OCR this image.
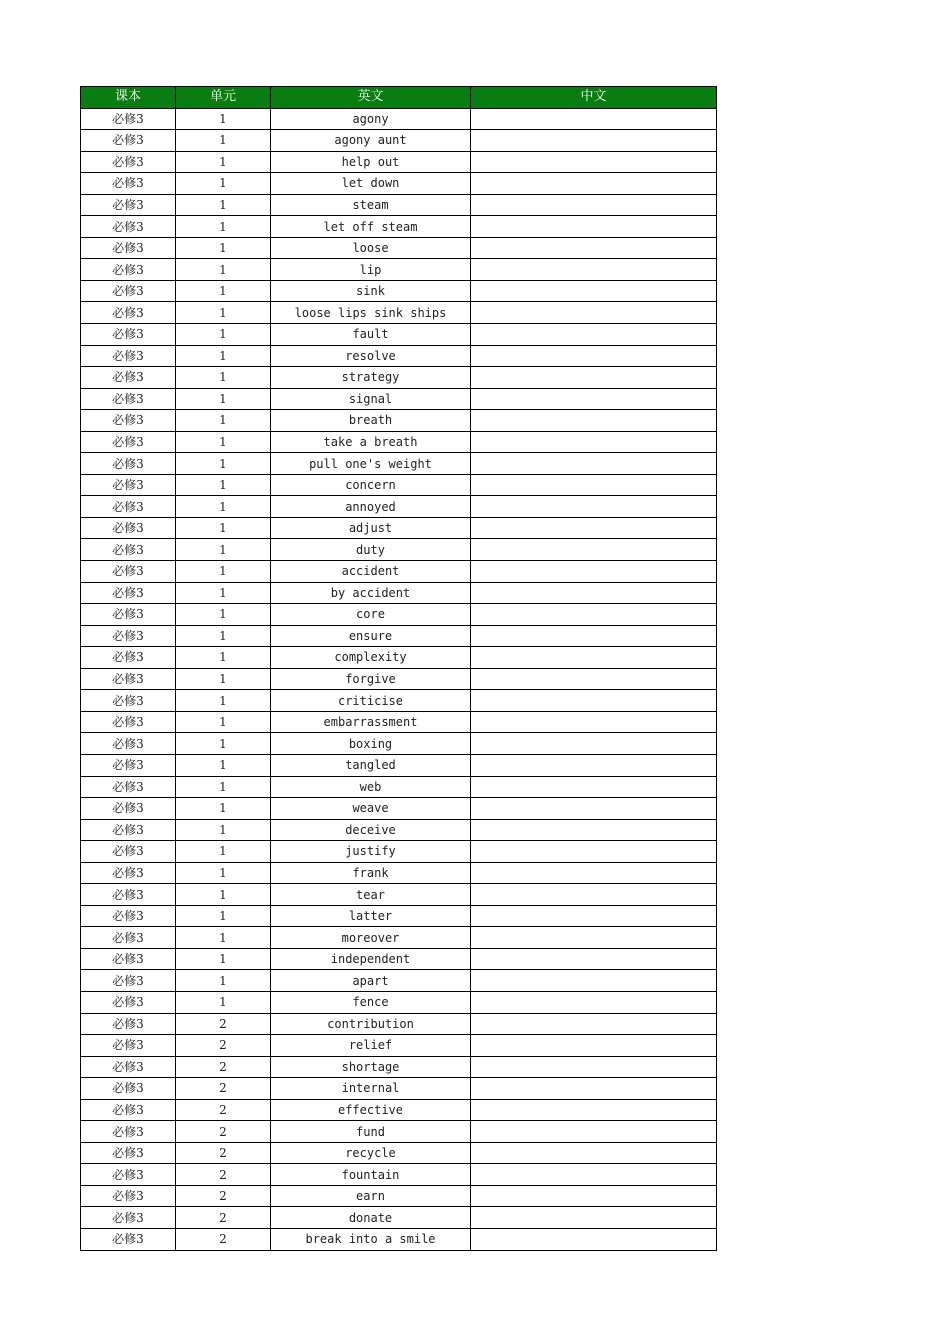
课本	单元	英文	中文
必修3	1	agony	
必修3	1	agony aunt	
必修3	1	help out	
必修3	1	let down	
必修3	1	steam	
必修3	1	let off steam	
必修3	1	loose	
必修3	1	lip	
必修3	1	sink	
必修3	1	loose lips sink ships	
必修3	1	fault	
必修3	1	resolve	
必修3	1	strategy	
必修3	1	signal	
必修3	1	breath	
必修3	1	take a breath	
必修3	1	pull one's weight	
必修3	1	concern	
必修3	1	annoyed	
必修3	1	adjust	
必修3	1	duty	
必修3	1	accident	
必修3	1	by accident	
必修3	1	core	
必修3	1	ensure	
必修3	1	complexity	
必修3	1	forgive	
必修3	1	criticise	
必修3	1	embarrassment	
必修3	1	boxing	
必修3	1	tangled	
必修3	1	web	
必修3	1	weave	
必修3	1	deceive	
必修3	1	justify	
必修3	1	frank	
必修3	1	tear	
必修3	1	latter	
必修3	1	moreover	
必修3	1	independent	
必修3	1	apart	
必修3	1	fence	
必修3	2	contribution	
必修3	2	relief	
必修3	2	shortage	
必修3	2	internal	
必修3	2	effective	
必修3	2	fund	
必修3	2	recycle	
必修3	2	fountain	
必修3	2	earn	
必修3	2	donate	
必修3	2	break into a smile	
